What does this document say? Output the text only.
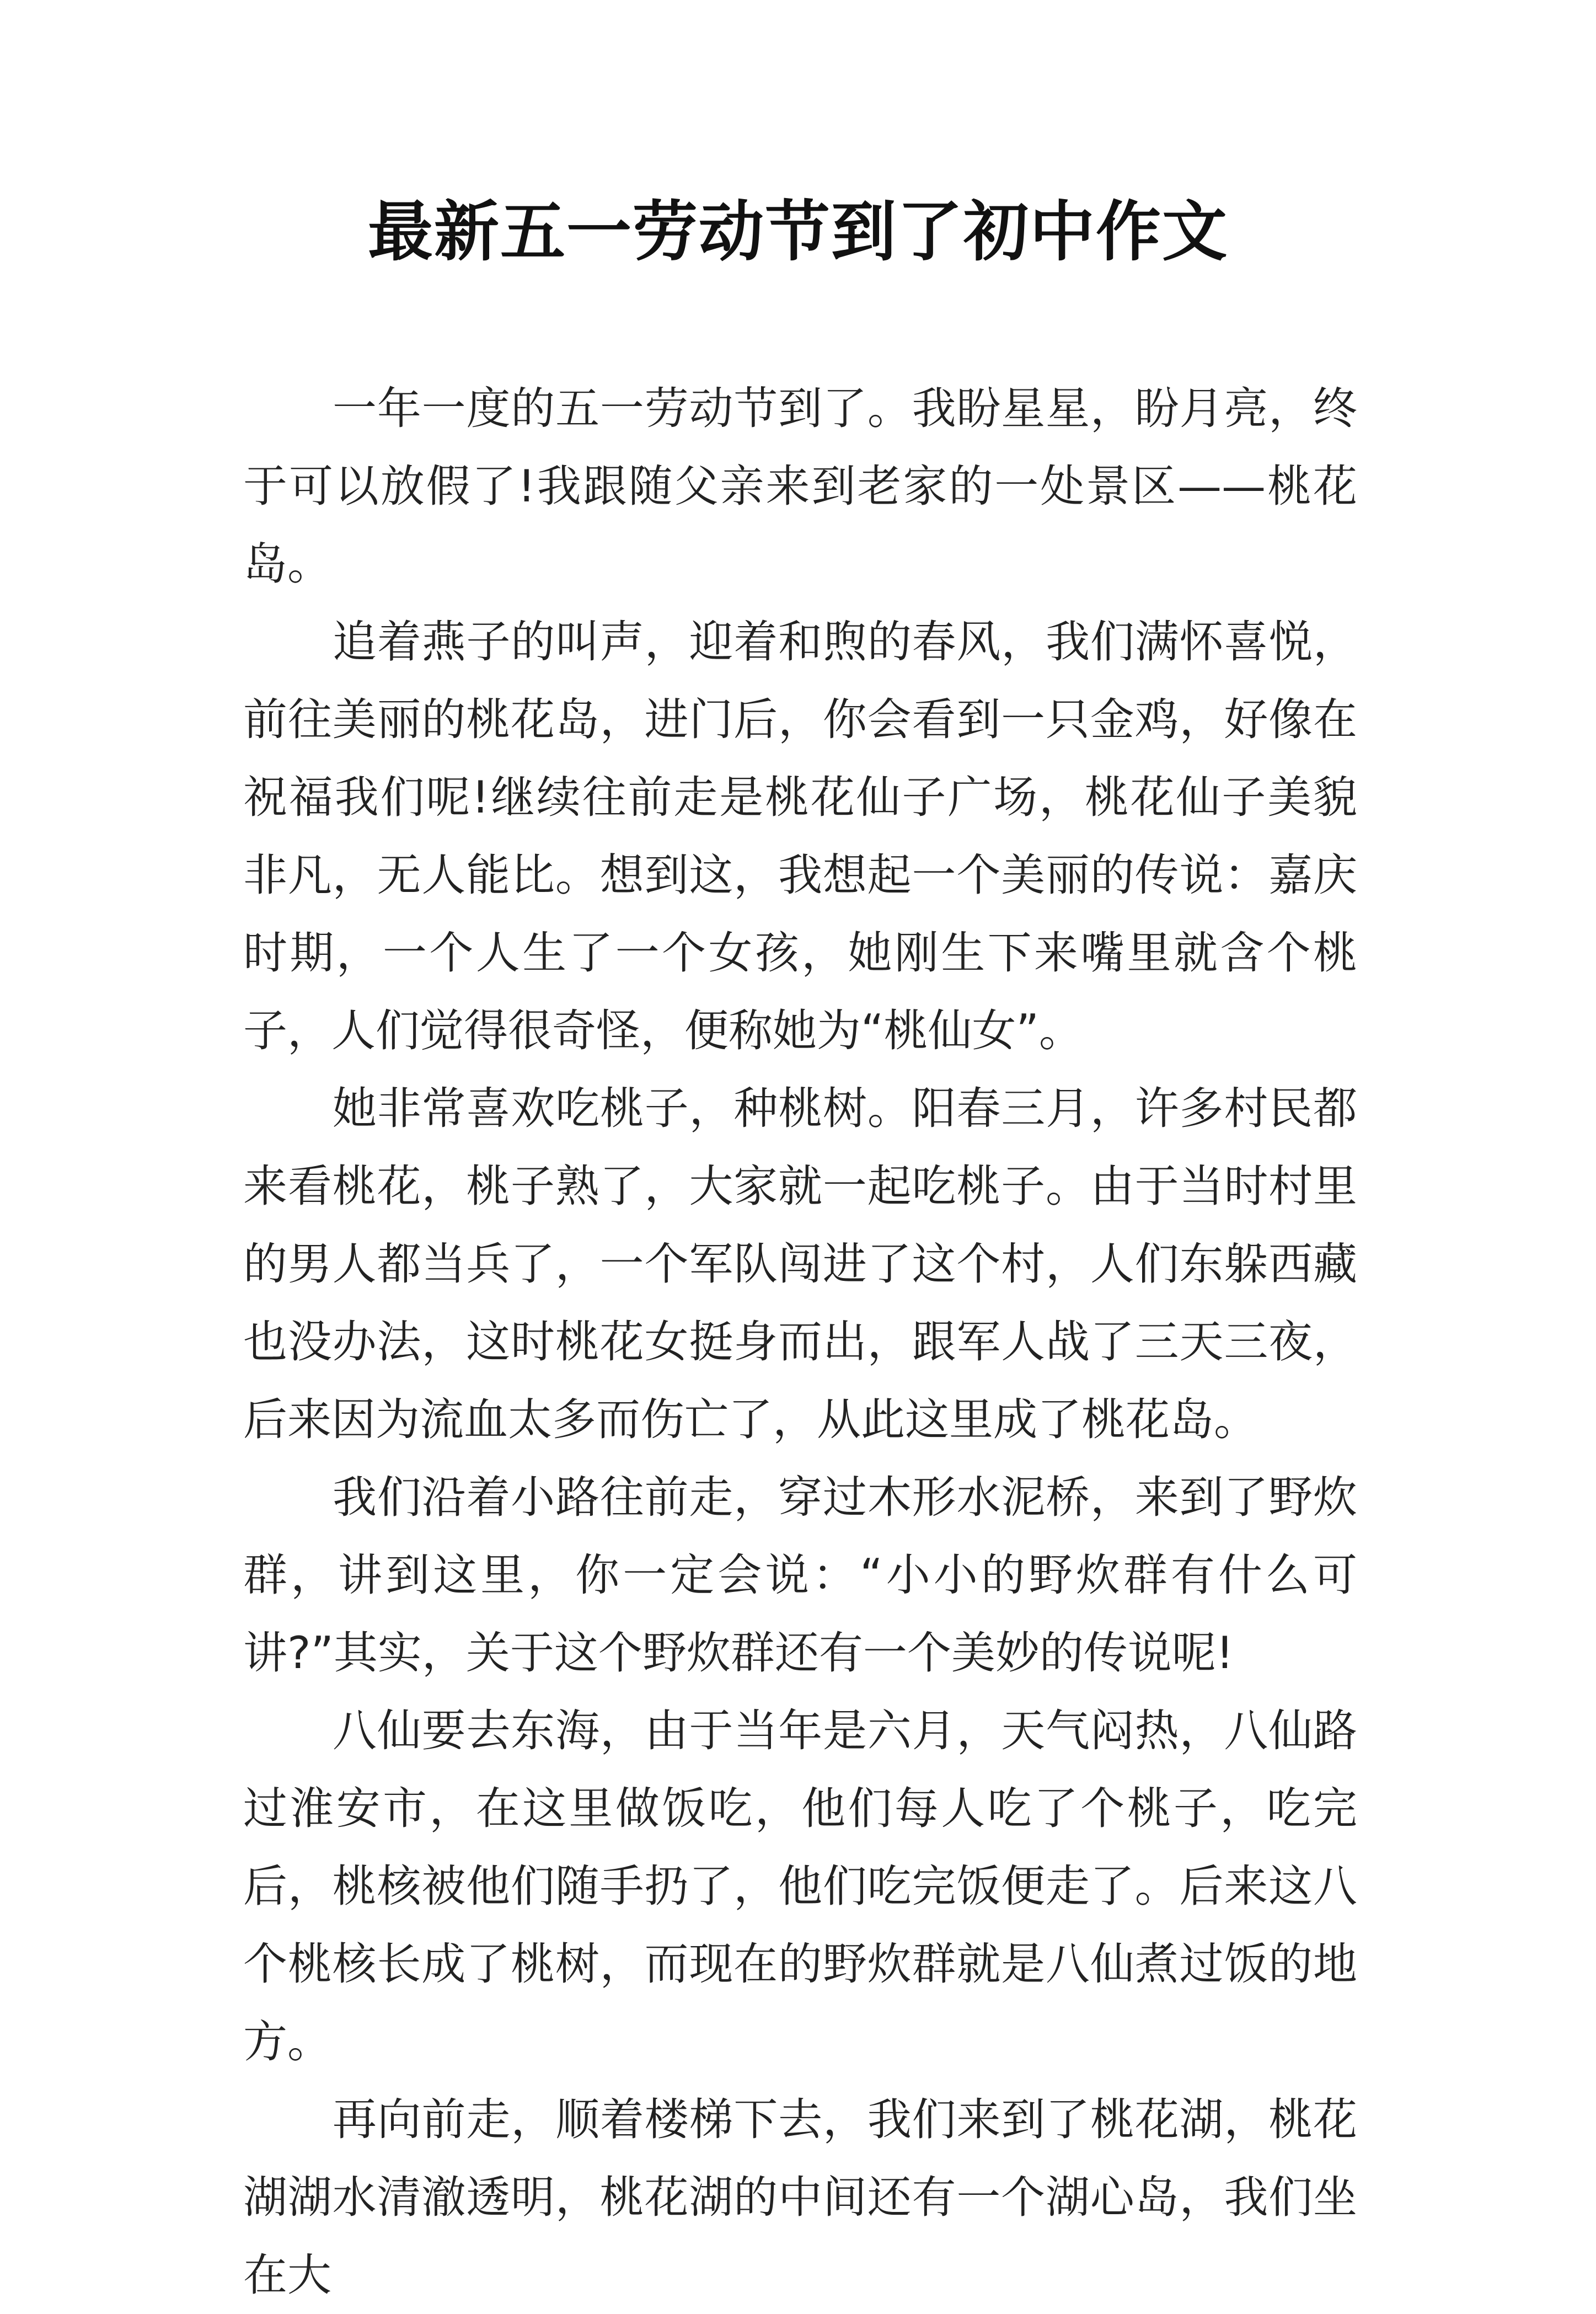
最新五一劳动节到了初中作文

一年一度的五一劳动节到了。我盼星星，盼月亮，终于可以放假了!我跟随父亲来到老家的一处景区——桃花岛。

追着燕子的叫声，迎着和煦的春风，我们满怀喜悦，前往美丽的桃花岛，进门后，你会看到一只金鸡，好像在祝福我们呢!继续往前走是桃花仙子广场，桃花仙子美貌非凡，无人能比。想到这，我想起一个美丽的传说：嘉庆时期，一个人生了一个女孩，她刚生下来嘴里就含个桃子，人们觉得很奇怪，便称她为“桃仙女”。

她非常喜欢吃桃子，种桃树。阳春三月，许多村民都来看桃花，桃子熟了，大家就一起吃桃子。由于当时村里的男人都当兵了，一个军队闯进了这个村，人们东躲西藏也没办法，这时桃花女挺身而出，跟军人战了三天三夜，后来因为流血太多而伤亡了，从此这里成了桃花岛。

我们沿着小路往前走，穿过木形水泥桥，来到了野炊群，讲到这里，你一定会说：“小小的野炊群有什么可讲?”其实，关于这个野炊群还有一个美妙的传说呢!

八仙要去东海，由于当年是六月，天气闷热，八仙路过淮安市，在这里做饭吃，他们每人吃了个桃子，吃完后，桃核被他们随手扔了，他们吃完饭便走了。后来这八个桃核长成了桃树，而现在的野炊群就是八仙煮过饭的地方。

再向前走，顺着楼梯下去，我们来到了桃花湖，桃花湖湖水清澈透明，桃花湖的中间还有一个湖心岛，我们坐在大
